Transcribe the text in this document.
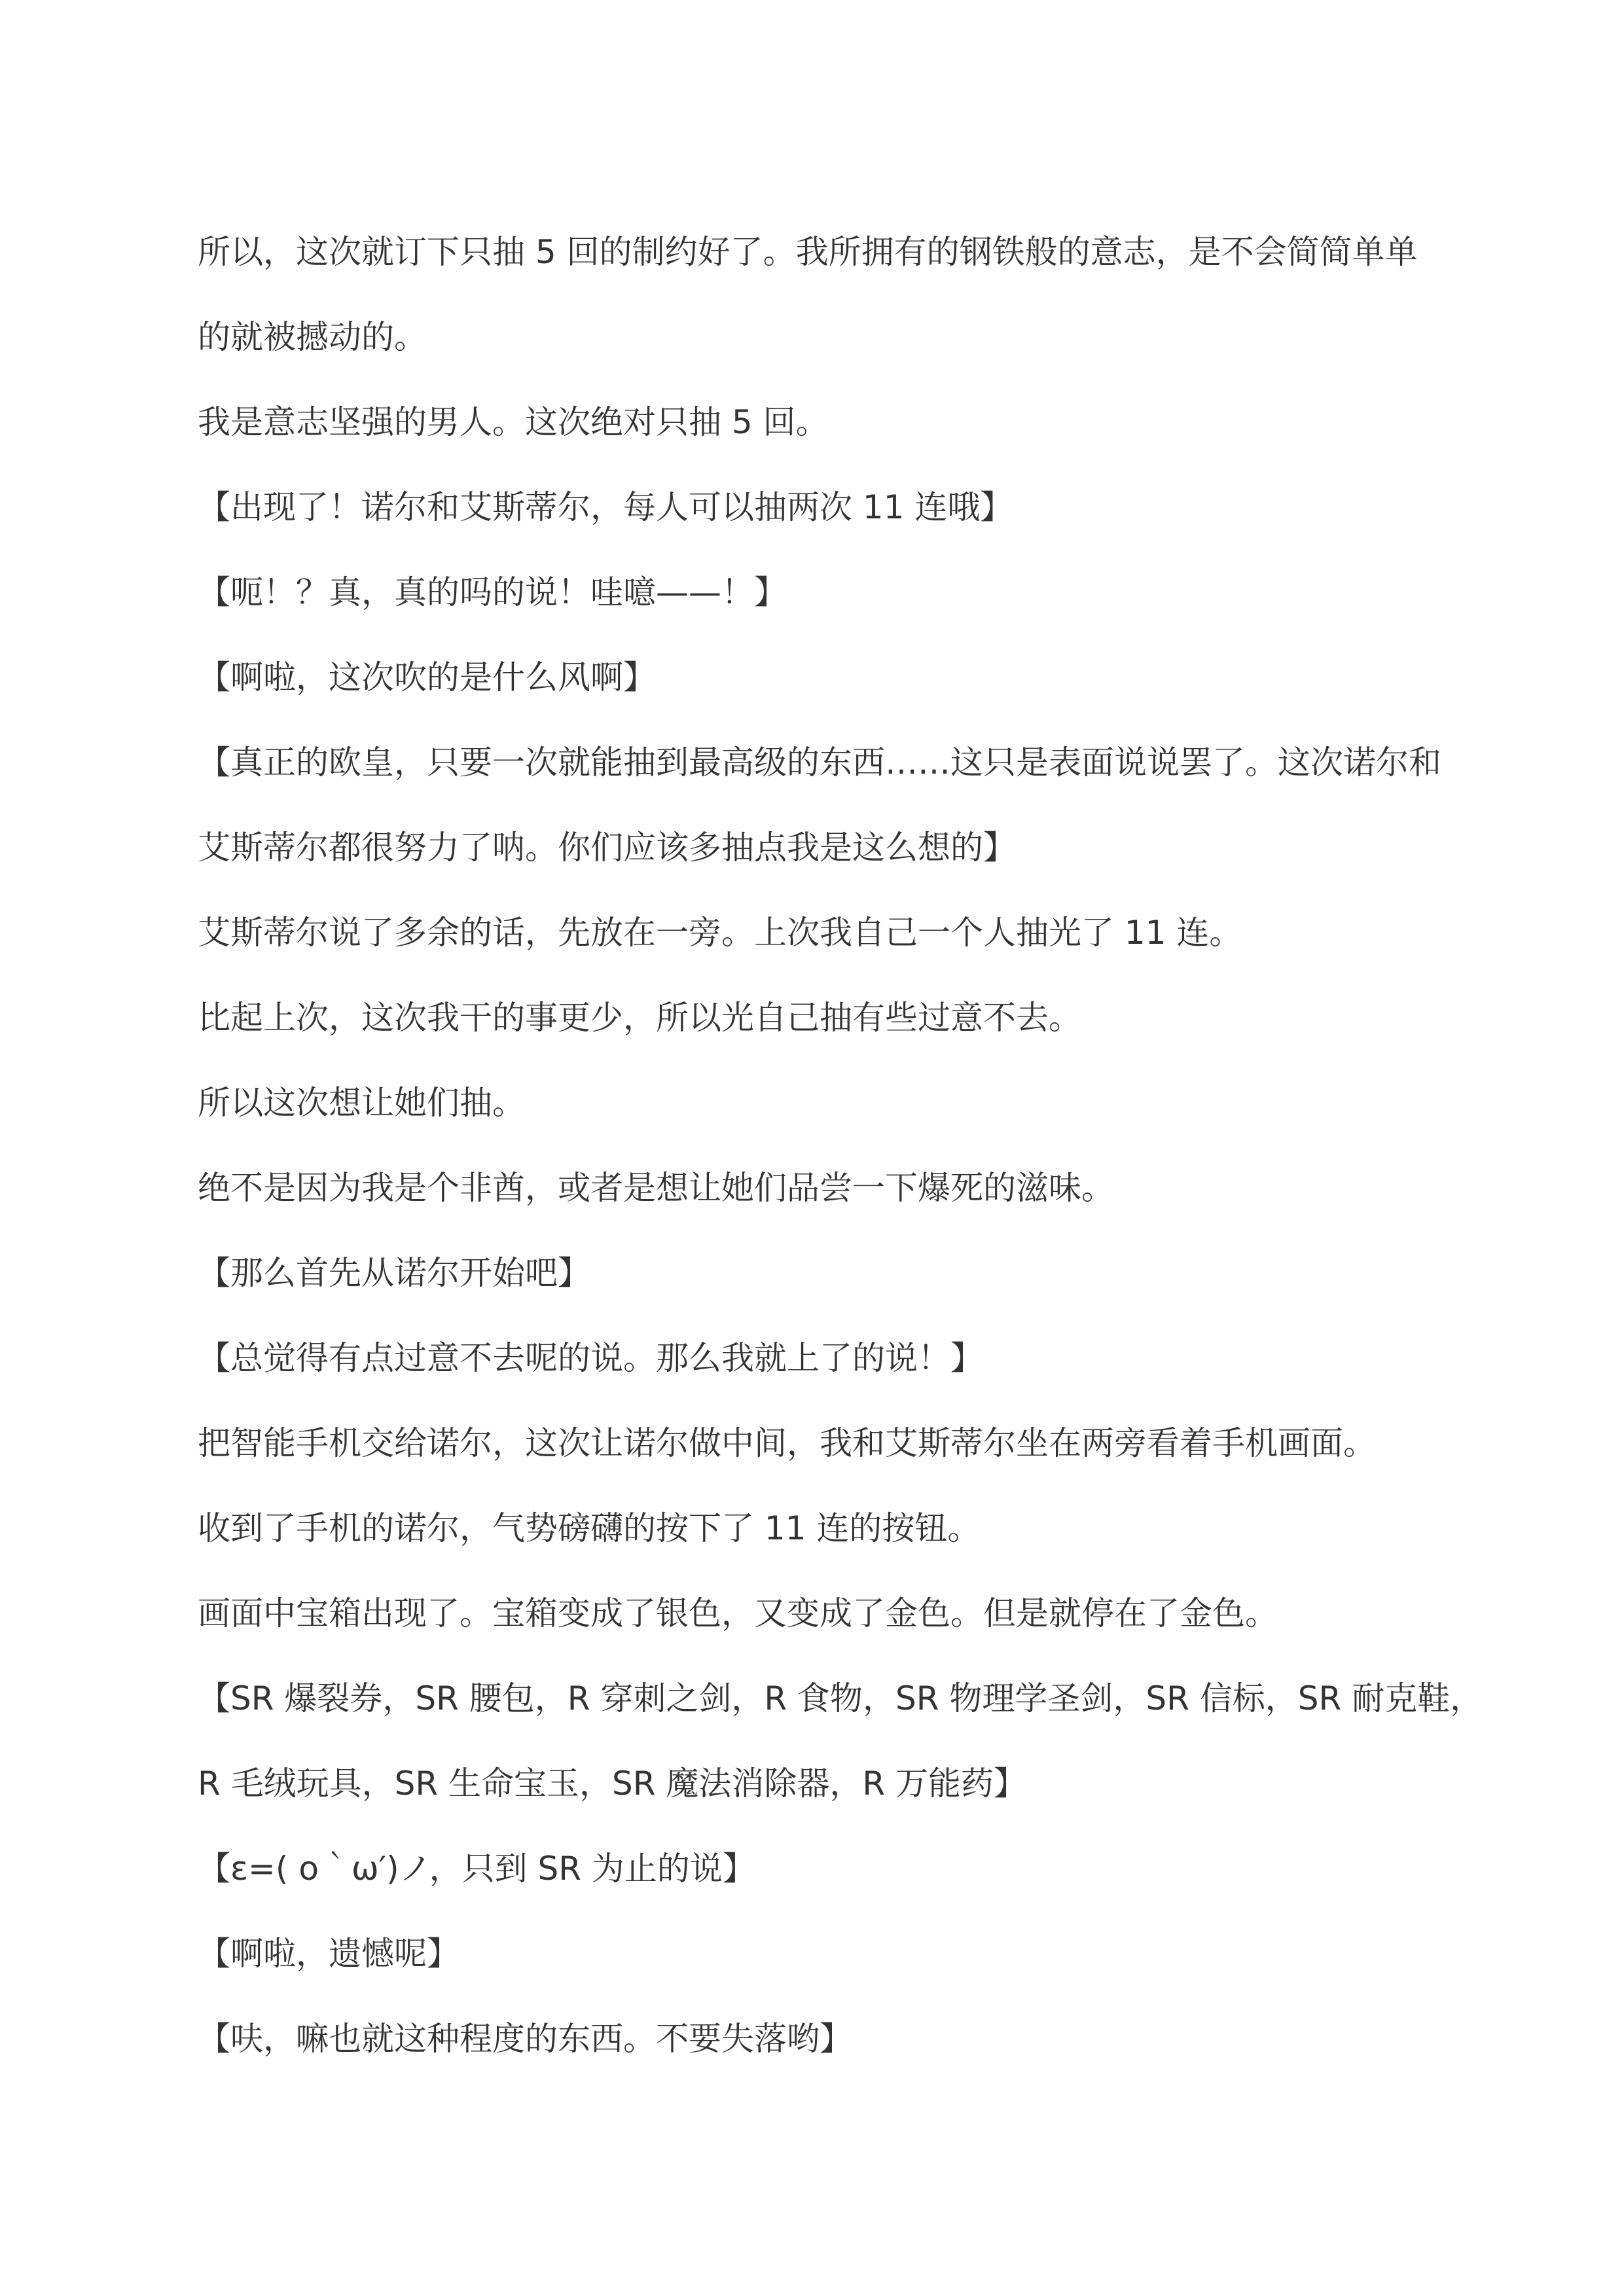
所以，这次就订下只抽 5 回的制约好了。我所拥有的钢铁般的意志，是不会简简单单

的就被撼动的。

我是意志坚强的男人。这次绝对只抽 5 回。

【出现了！诺尔和艾斯蒂尔，每人可以抽两次 11 连哦】

【呃！？真，真的吗的说！哇噫——！】

【啊啦，这次吹的是什么风啊】

【真正的欧皇，只要一次就能抽到最高级的东西……这只是表面说说罢了。这次诺尔和

艾斯蒂尔都很努力了呐。你们应该多抽点我是这么想的】

艾斯蒂尔说了多余的话，先放在一旁。上次我自己一个人抽光了 11 连。

比起上次，这次我干的事更少，所以光自己抽有些过意不去。

所以这次想让她们抽。

绝不是因为我是个非酋，或者是想让她们品尝一下爆死的滋味。

【那么首先从诺尔开始吧】

【总觉得有点过意不去呢的说。那么我就上了的说！】

把智能手机交给诺尔，这次让诺尔做中间，我和艾斯蒂尔坐在两旁看着手机画面。

收到了手机的诺尔，气势磅礴的按下了 11 连的按钮。

画面中宝箱出现了。宝箱变成了银色，又变成了金色。但是就停在了金色。

【SR 爆裂券，SR 腰包，R 穿刺之剑，R 食物，SR 物理学圣剑，SR 信标，SR 耐克鞋，

R 毛绒玩具，SR 生命宝玉，SR 魔法消除器，R 万能药】

【ε=( ο｀ω′)ノ，只到 SR 为止的说】

【啊啦，遗憾呢】

【呋，嘛也就这种程度的东西。不要失落哟】
